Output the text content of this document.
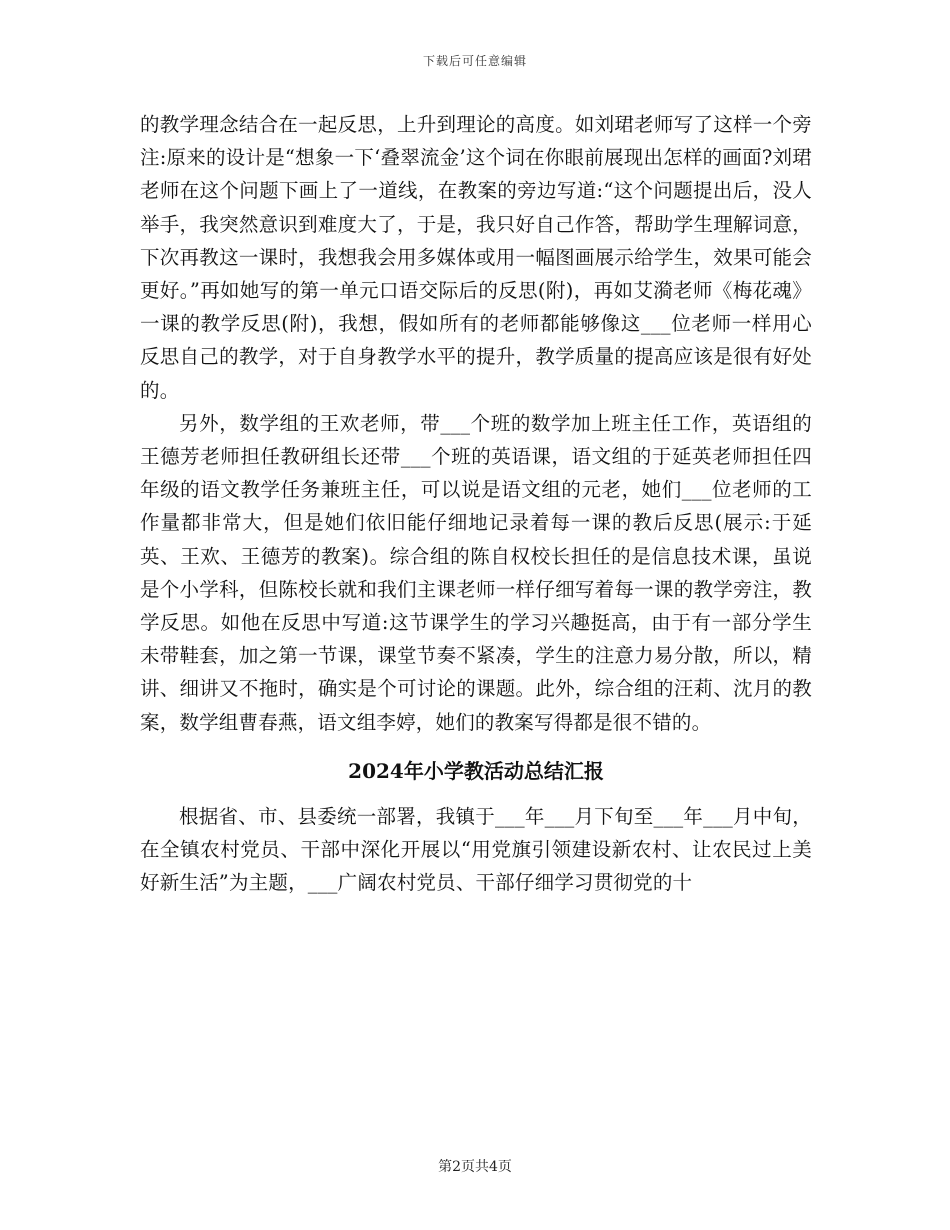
下载后可任意编辑

的教学理念结合在一起反思，上升到理论的高度。如刘珺老师写了这样一个旁注:原来的设计是“想象一下‘叠翠流金’这个词在你眼前展现出怎样的画面?刘珺老师在这个问题下画上了一道线，在教案的旁边写道:“这个问题提出后，没人举手，我突然意识到难度大了，于是，我只好自己作答，帮助学生理解词意，下次再教这一课时，我想我会用多媒体或用一幅图画展示给学生，效果可能会更好。”再如她写的第一单元口语交际后的反思(附)，再如艾漪老师《梅花魂》一课的教学反思(附)，我想，假如所有的老师都能够像这___位老师一样用心反思自己的教学，对于自身教学水平的提升，教学质量的提高应该是很有好处的。

另外，数学组的王欢老师，带___个班的数学加上班主任工作，英语组的王德芳老师担任教研组长还带___个班的英语课，语文组的于延英老师担任四年级的语文教学任务兼班主任，可以说是语文组的元老，她们___位老师的工作量都非常大，但是她们依旧能仔细地记录着每一课的教后反思(展示:于延英、王欢、王德芳的教案)。综合组的陈自权校长担任的是信息技术课，虽说是个小学科，但陈校长就和我们主课老师一样仔细写着每一课的教学旁注，教学反思。如他在反思中写道:这节课学生的学习兴趣挺高，由于有一部分学生未带鞋套，加之第一节课，课堂节奏不紧凑，学生的注意力易分散，所以，精讲、细讲又不拖时，确实是个可讨论的课题。此外，综合组的汪莉、沈月的教案，数学组曹春燕，语文组李婷，她们的教案写得都是很不错的。

2024年小学教活动总结汇报

根据省、市、县委统一部署，我镇于___年___月下旬至___年___月中旬，在全镇农村党员、干部中深化开展以“用党旗引领建设新农村、让农民过上美好新生活”为主题，___广阔农村党员、干部仔细学习贯彻党的十

第2页共4页
